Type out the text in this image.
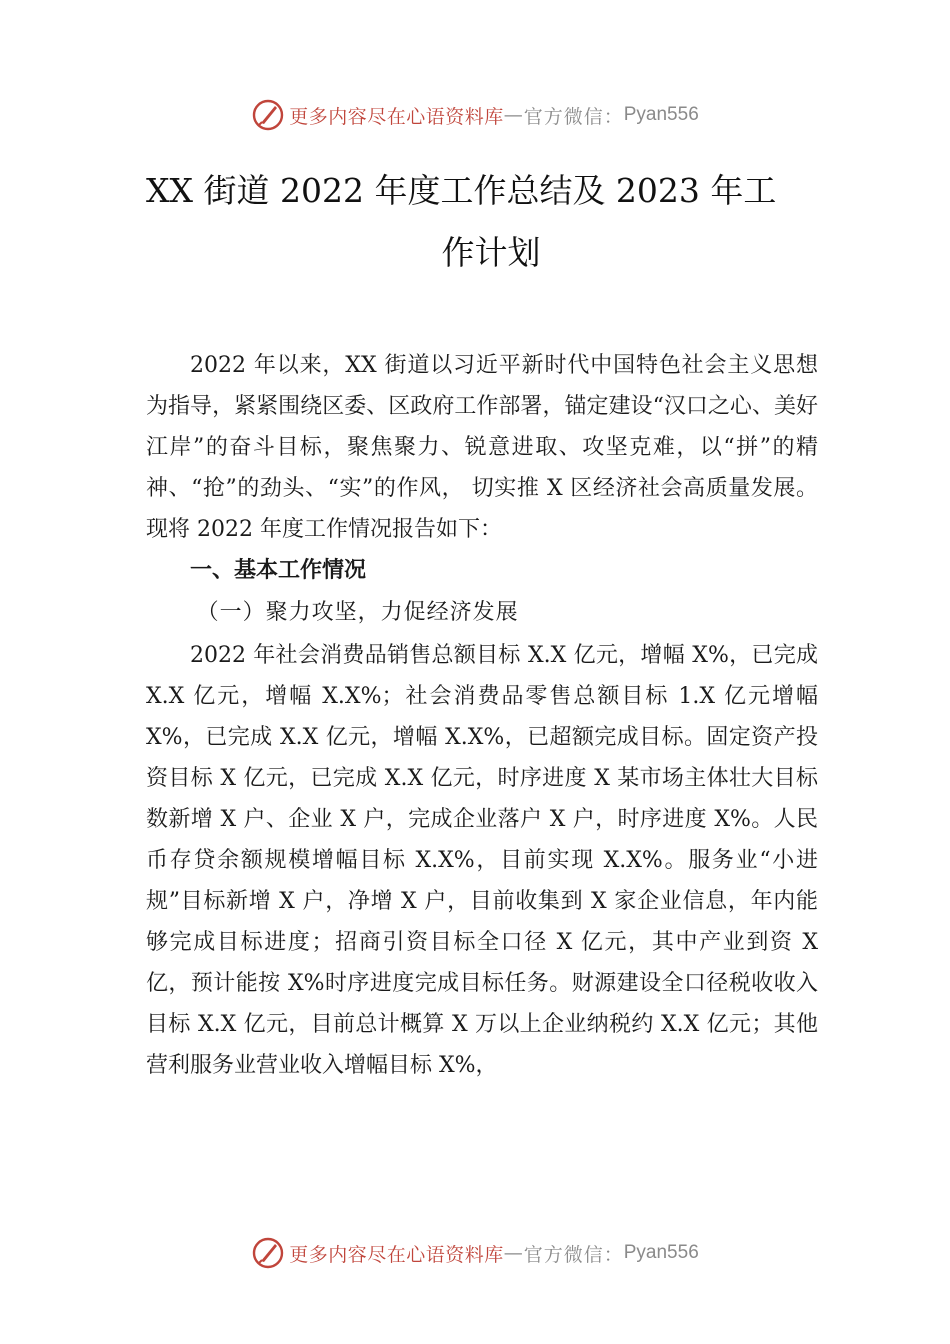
更多内容尽在心语资料库 — 官方微信： Pyan556
XX 街道 2022 年度工作总结及 2023 年工
作计划

2022 年以来，XX 街道以习近平新时代中国特色社会主义思想为指导，紧紧围绕区委、区政府工作部署，锚定建设“汉口之心、美好江岸”的奋斗目标，聚焦聚力、锐意进取、攻坚克难，以“拼”的精神、“抢”的劲头、“实”的作风， 切实推 X 区经济社会高质量发展。现将 2022 年度工作情况报告如下：

一、基本工作情况
（一）聚力攻坚，力促经济发展

2022 年社会消费品销售总额目标 X.X 亿元，增幅 X%，已完成 X.X 亿元，增幅 X.X%；社会消费品零售总额目标 1.X 亿元增幅 X%，已完成 X.X 亿元，增幅 X.X%，已超额完成目标。固定资产投资目标 X 亿元，已完成 X.X 亿元，时序进度 X 某市场主体壮大目标数新增 X 户、企业 X 户，完成企业落户 X 户，时序进度 X%。人民币存贷余额规模增幅目标 X.X%，目前实现 X.X%。服务业“小进规”目标新增 X 户，净增 X 户，目前收集到 X 家企业信息，年内能够完成目标进度；招商引资目标全口径 X 亿元，其中产业到资 X 亿，预计能按 X%时序进度完成目标任务。财源建设全口径税收收入目标 X.X 亿元，目前总计概算 X 万以上企业纳税约 X.X 亿元；其他营利服务业营业收入增幅目标 X%，

更多内容尽在心语资料库 — 官方微信： Pyan556
